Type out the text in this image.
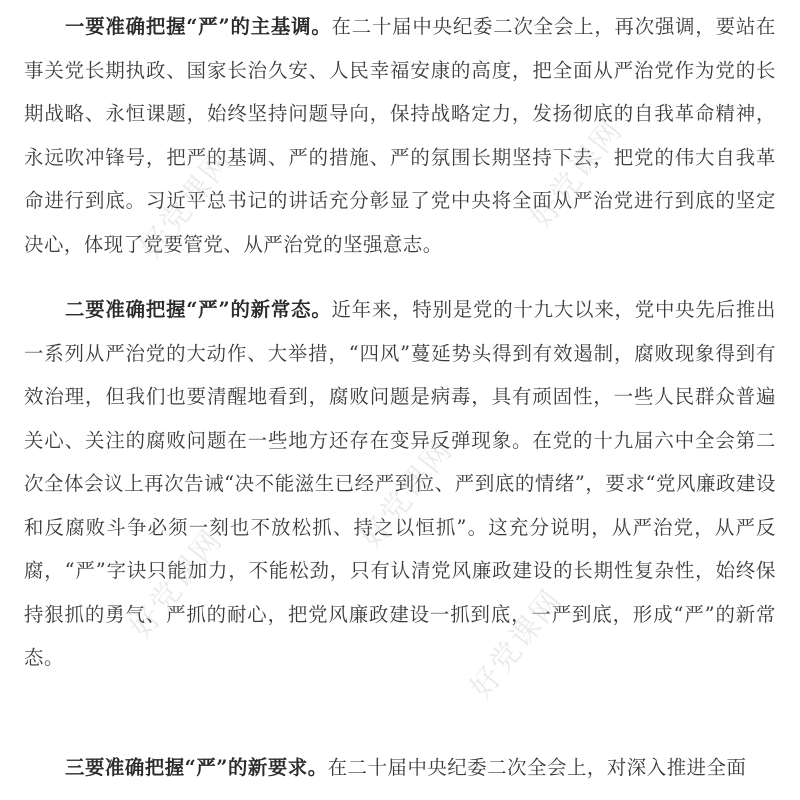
一要准确把握“严”的主基调。在二十届中央纪委二次全会上，再次强调，要站在事关党长期执政、国家长治久安、人民幸福安康的高度，把全面从严治党作为党的长期战略、永恒课题，始终坚持问题导向，保持战略定力，发扬彻底的自我革命精神，永远吹冲锋号，把严的基调、严的措施、严的氛围长期坚持下去，把党的伟大自我革命进行到底。习近平总书记的讲话充分彰显了党中央将全面从严治党进行到底的坚定决心，体现了党要管党、从严治党的坚强意志。

二要准确把握“严”的新常态。近年来，特别是党的十九大以来，党中央先后推出一系列从严治党的大动作、大举措，“四风”蔓延势头得到有效遏制，腐败现象得到有效治理，但我们也要清醒地看到，腐败问题是病毒，具有顽固性，一些人民群众普遍关心、关注的腐败问题在一些地方还存在变异反弹现象。在党的十九届六中全会第二次全体会议上再次告诫“决不能滋生已经严到位、严到底的情绪”，要求“党风廉政建设和反腐败斗争必须一刻也不放松抓、持之以恒抓”。这充分说明，从严治党，从严反腐，“严”字诀只能加力，不能松劲，只有认清党风廉政建设的长期性复杂性，始终保持狠抓的勇气、严抓的耐心，把党风廉政建设一抓到底，一严到底，形成“严”的新常态。

三要准确把握“严”的新要求。在二十届中央纪委二次全会上，对深入推进全面

好党课网	好党课网
好党课网
好党课网	好党课网
